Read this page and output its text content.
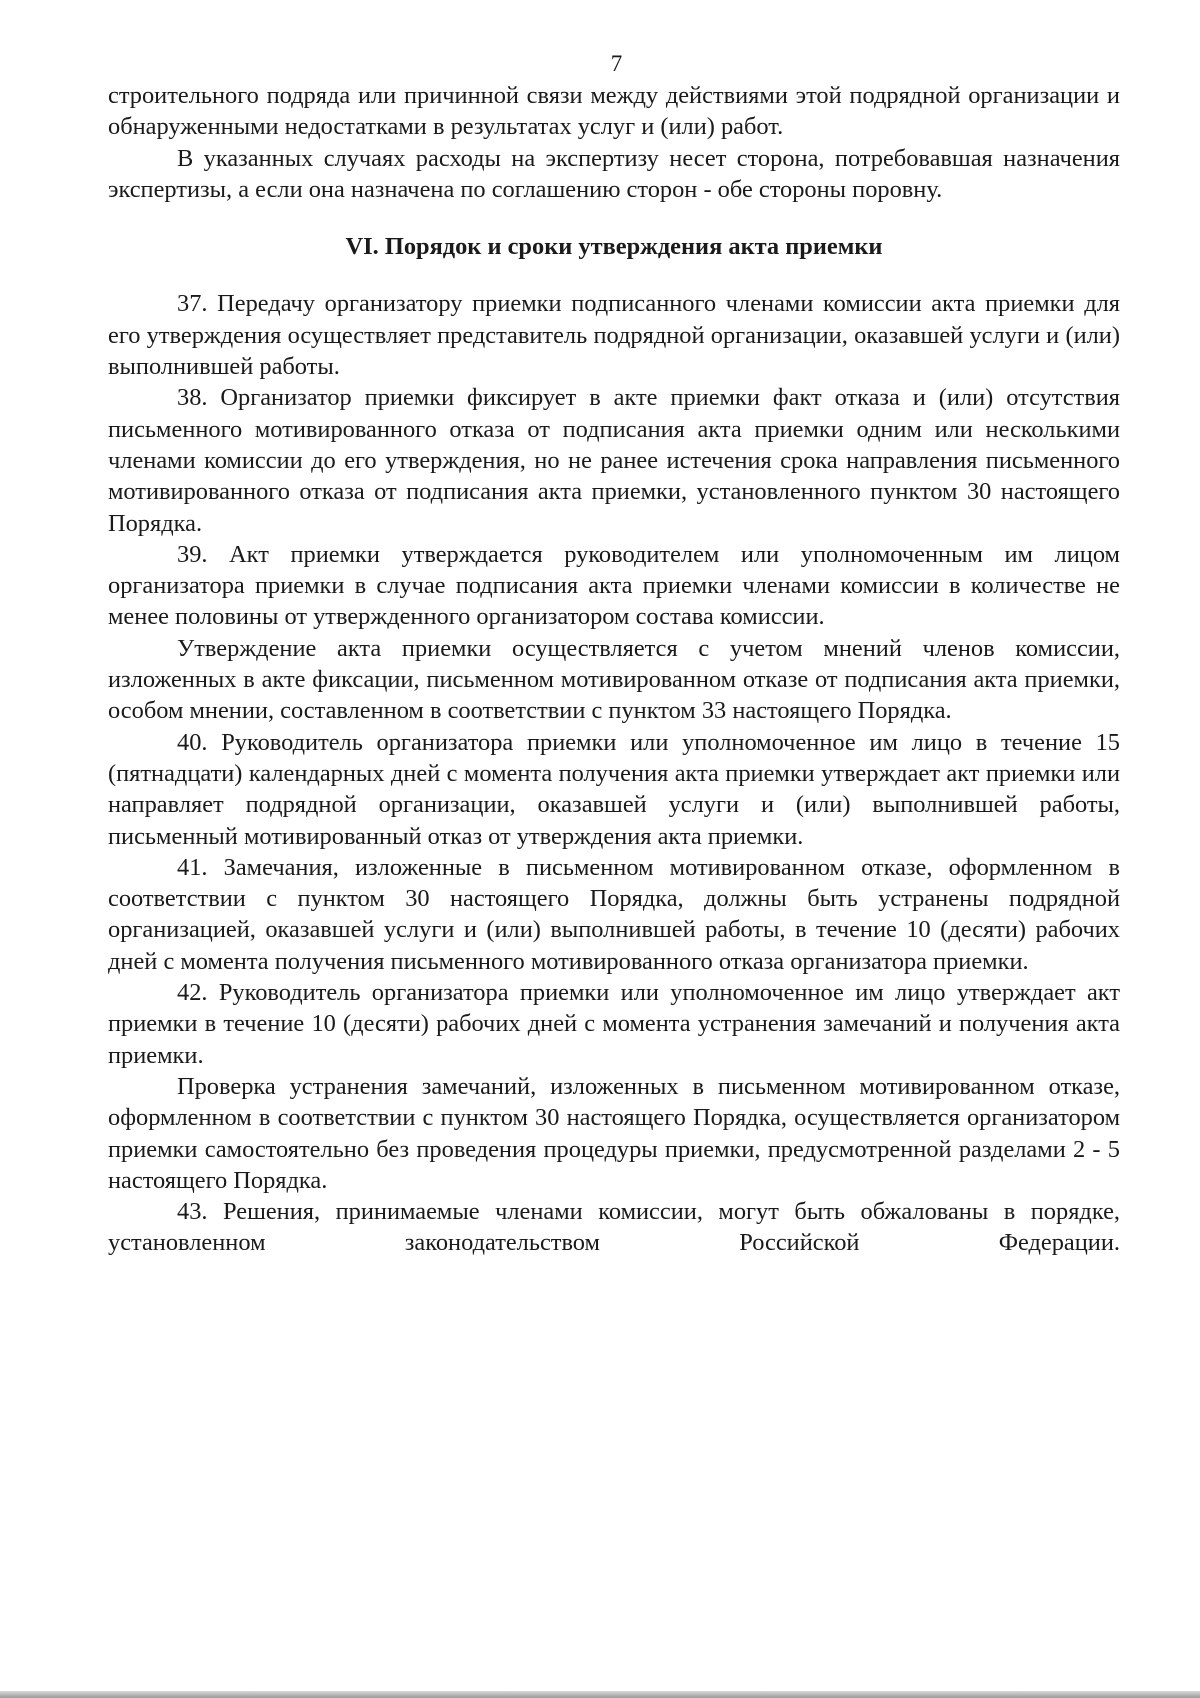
7

строительного подряда или причинной связи между действиями этой подрядной организации и обнаруженными недостатками в результатах услуг и (или) работ.

В указанных случаях расходы на экспертизу несет сторона, потребовавшая назначения экспертизы, а если она назначена по соглашению сторон - обе стороны поровну.

VI. Порядок и сроки утверждения акта приемки

37. Передачу организатору приемки подписанного членами комиссии акта приемки для его утверждения осуществляет представитель подрядной организации, оказавшей услуги и (или) выполнившей работы.

38. Организатор приемки фиксирует в акте приемки факт отказа и (или) отсутствия письменного мотивированного отказа от подписания акта приемки одним или несколькими членами комиссии до его утверждения, но не ранее истечения срока направления письменного мотивированного отказа от подписания акта приемки, установленного пунктом 30 настоящего Порядка.

39. Акт приемки утверждается руководителем или уполномоченным им лицом организатора приемки в случае подписания акта приемки членами комиссии в количестве не менее половины от утвержденного организатором состава комиссии.

Утверждение акта приемки осуществляется с учетом мнений членов комиссии, изложенных в акте фиксации, письменном мотивированном отказе от подписания акта приемки, особом мнении, составленном в соответствии с пунктом 33 настоящего Порядка.

40. Руководитель организатора приемки или уполномоченное им лицо в течение 15 (пятнадцати) календарных дней с момента получения акта приемки утверждает акт приемки или направляет подрядной организации, оказавшей услуги и (или) выполнившей работы, письменный мотивированный отказ от утверждения акта приемки.

41. Замечания, изложенные в письменном мотивированном отказе, оформленном в соответствии с пунктом 30 настоящего Порядка, должны быть устранены подрядной организацией, оказавшей услуги и (или) выполнившей работы, в течение 10 (десяти) рабочих дней с момента получения письменного мотивированного отказа организатора приемки.

42. Руководитель организатора приемки или уполномоченное им лицо утверждает акт приемки в течение 10 (десяти) рабочих дней с момента устранения замечаний и получения акта приемки.

Проверка устранения замечаний, изложенных в письменном мотивированном отказе, оформленном в соответствии с пунктом 30 настоящего Порядка, осуществляется организатором приемки самостоятельно без проведения процедуры приемки, предусмотренной разделами 2 - 5 настоящего Порядка.

43. Решения, принимаемые членами комиссии, могут быть обжалованы в порядке, установленном законодательством Российской Федерации.
